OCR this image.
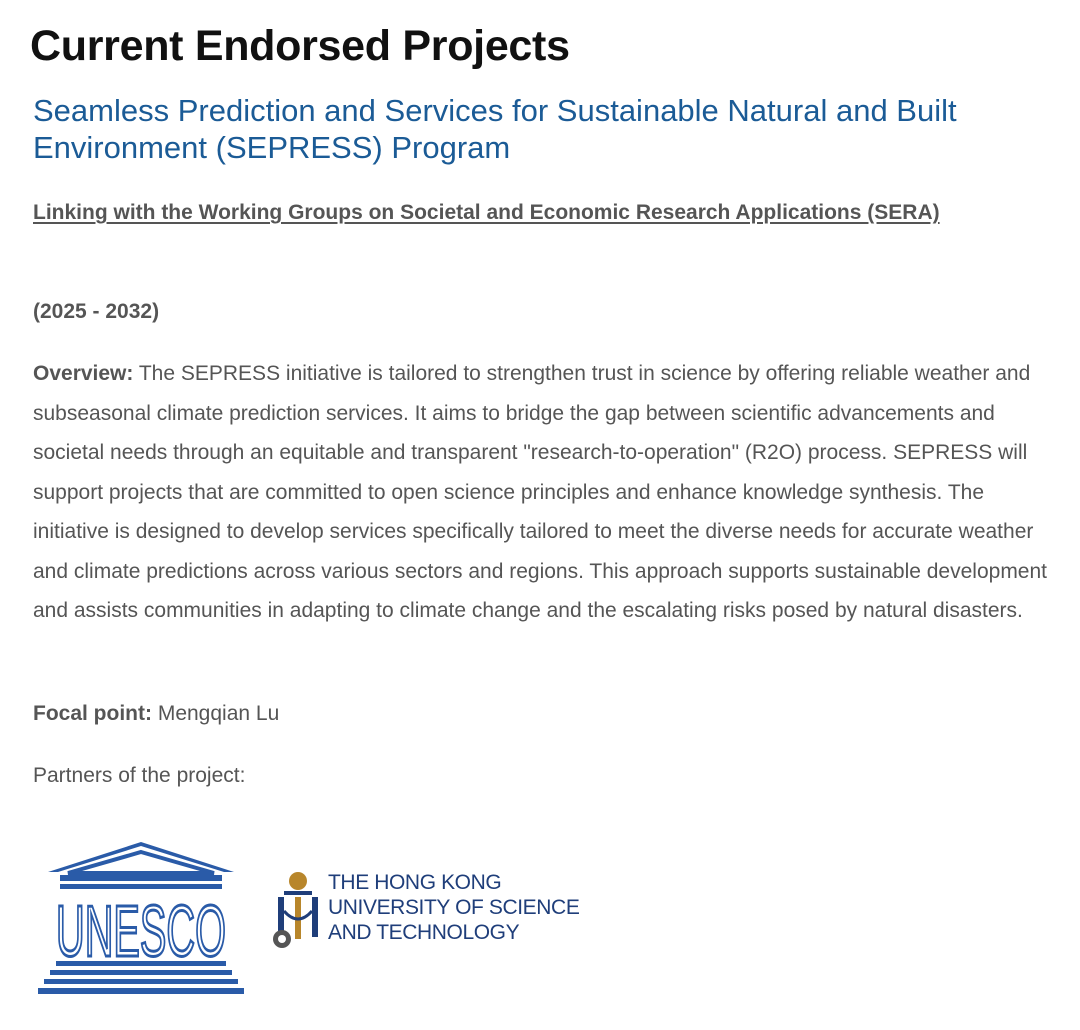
Current Endorsed Projects
Seamless Prediction and Services for Sustainable Natural and Built Environment (SEPRESS) Program
Linking with the Working Groups on Societal and Economic Research Applications (SERA)
(2025 - 2032)

Overview: The SEPRESS initiative is tailored to strengthen trust in science by offering reliable weather and subseasonal climate prediction services. It aims to bridge the gap between scientific advancements and societal needs through an equitable and transparent "research-to-operation" (R2O) process. SEPRESS will support projects that are committed to open science principles and enhance knowledge synthesis. The initiative is designed to develop services specifically tailored to meet the diverse needs for accurate weather and climate predictions across various sectors and regions. This approach supports sustainable development and assists communities in adapting to climate change and the escalating risks posed by natural disasters.

Focal point: Mengqian Lu

Partners of the project:

UNESCO
THE HONG KONG
UNIVERSITY OF SCIENCE
AND TECHNOLOGY
